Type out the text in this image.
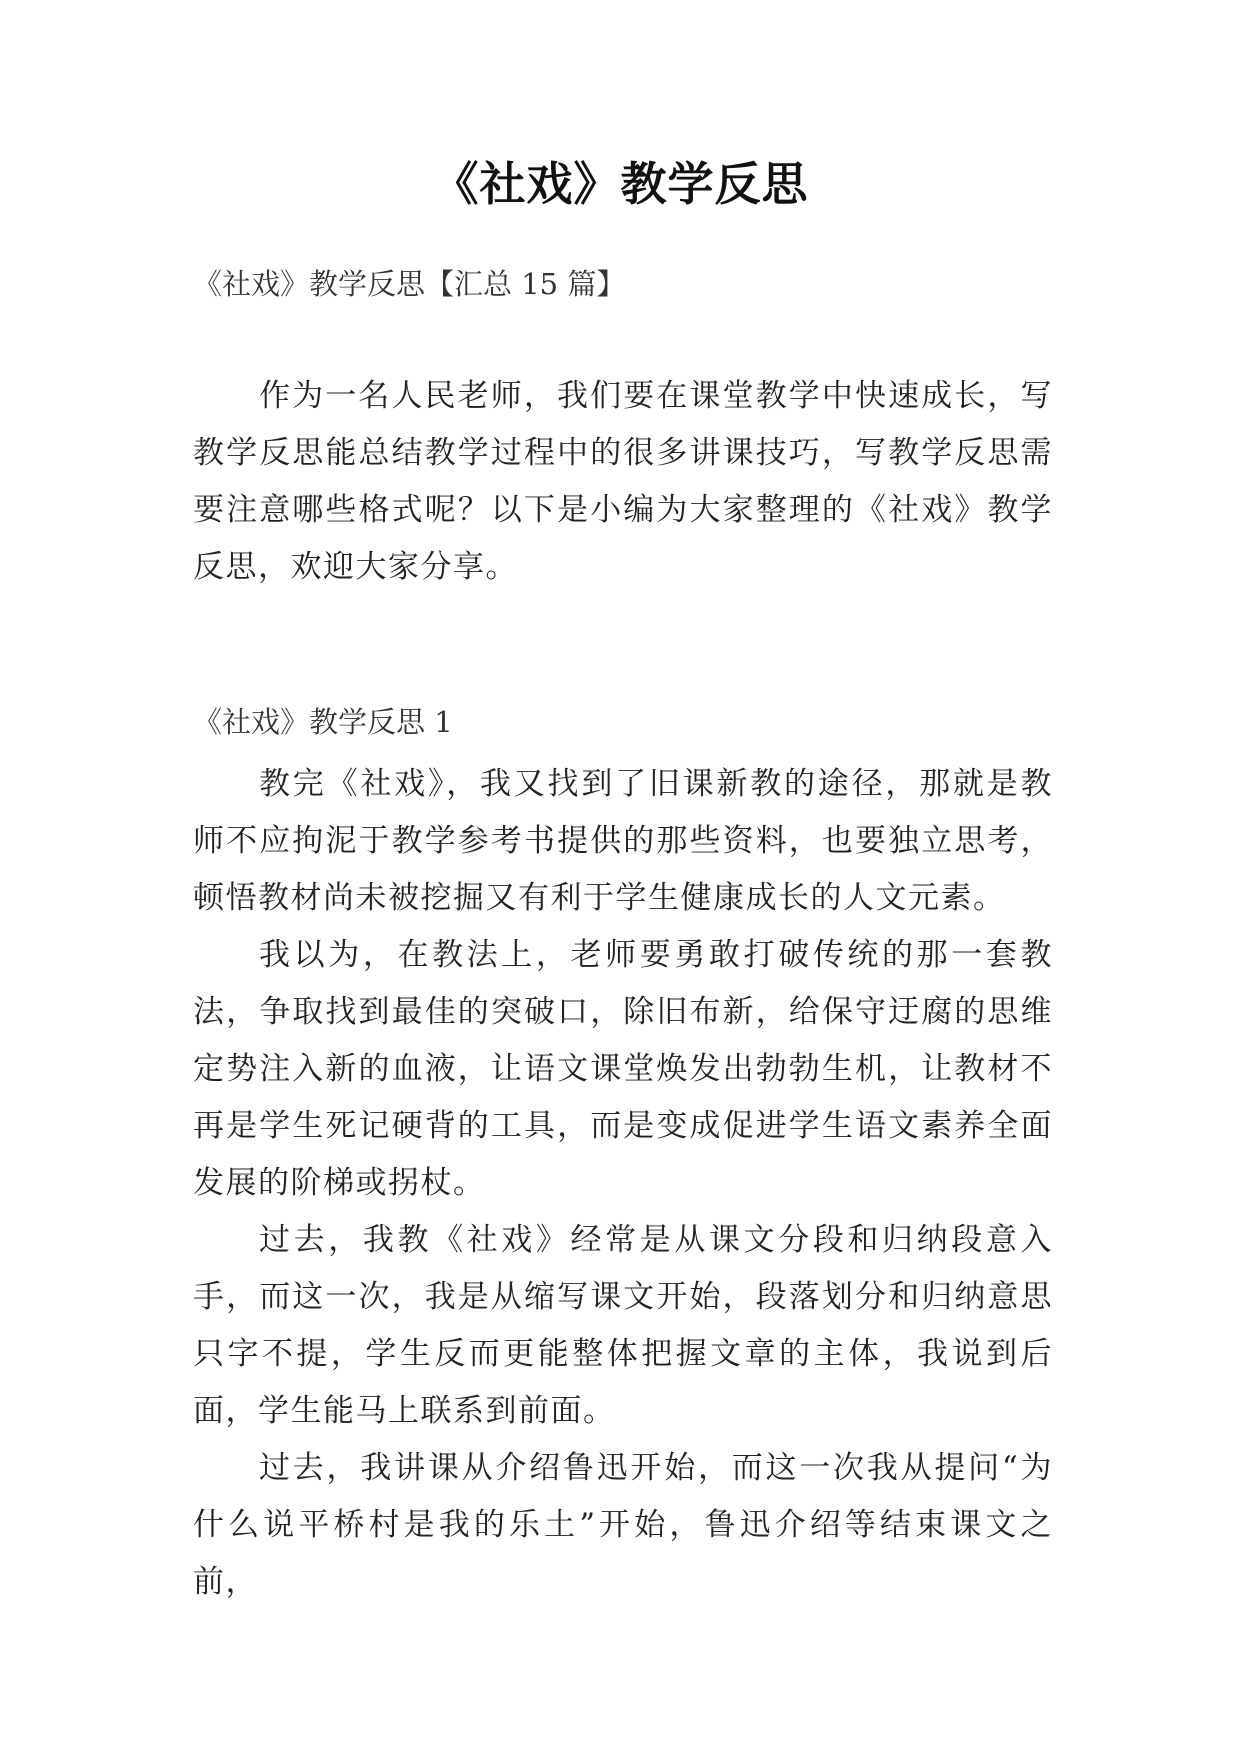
《社戏》教学反思
《社戏》教学反思【汇总 15 篇】

作为一名人民老师，我们要在课堂教学中快速成长，写教学反思能总结教学过程中的很多讲课技巧，写教学反思需要注意哪些格式呢？以下是小编为大家整理的《社戏》教学反思，欢迎大家分享。

《社戏》教学反思 1

教完《社戏》，我又找到了旧课新教的途径，那就是教师不应拘泥于教学参考书提供的那些资料，也要独立思考，顿悟教材尚未被挖掘又有利于学生健康成长的人文元素。

我以为，在教法上，老师要勇敢打破传统的那一套教法，争取找到最佳的突破口，除旧布新，给保守迂腐的思维定势注入新的血液，让语文课堂焕发出勃勃生机，让教材不再是学生死记硬背的工具，而是变成促进学生语文素养全面发展的阶梯或拐杖。

过去，我教《社戏》经常是从课文分段和归纳段意入手，而这一次，我是从缩写课文开始，段落划分和归纳意思只字不提，学生反而更能整体把握文章的主体，我说到后面，学生能马上联系到前面。

过去，我讲课从介绍鲁迅开始，而这一次我从提问“为什么说平桥村是我的乐土”开始，鲁迅介绍等结束课文之前，
